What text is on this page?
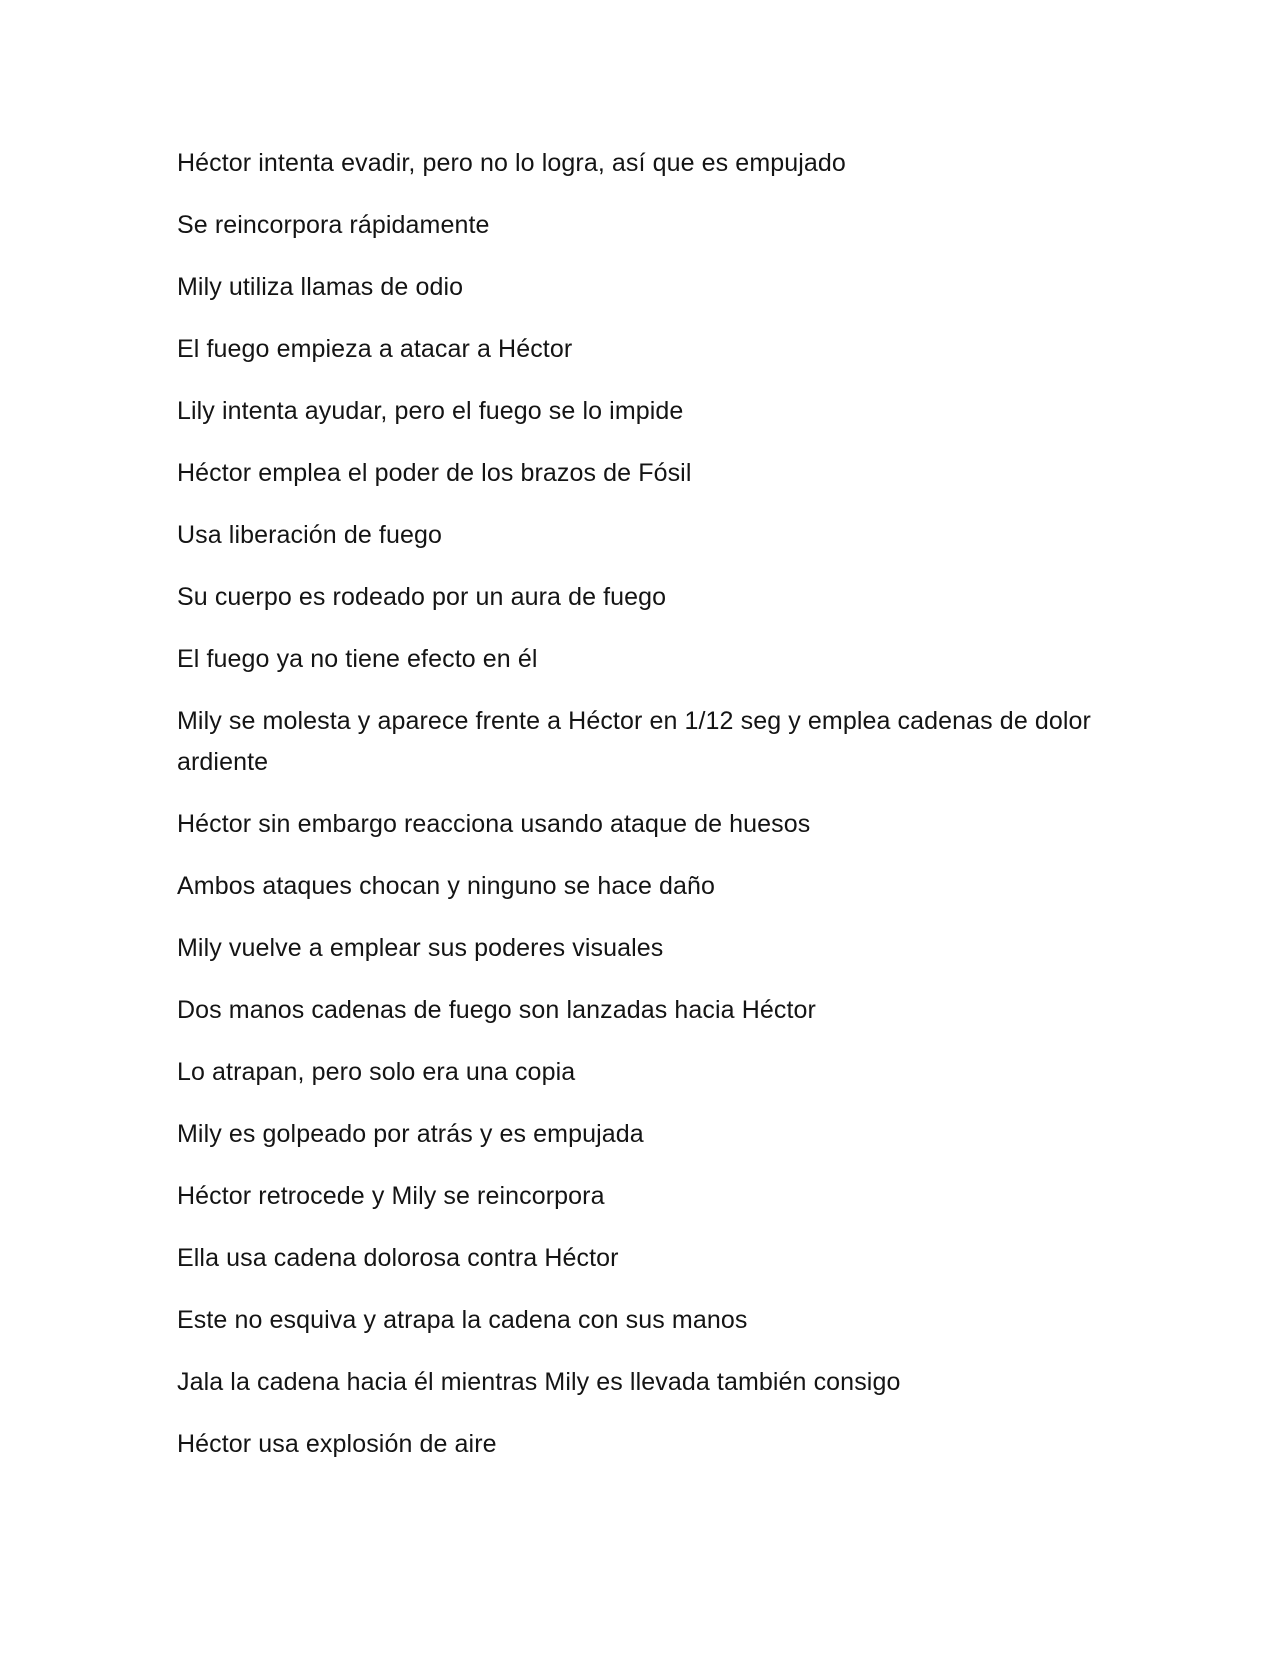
Héctor intenta evadir, pero no lo logra, así que es empujado

Se reincorpora rápidamente

Mily utiliza llamas de odio

El fuego empieza a atacar a Héctor

Lily intenta ayudar, pero el fuego se lo impide

Héctor emplea el poder de los brazos de Fósil

Usa liberación de fuego

Su cuerpo es rodeado por un aura de fuego

El fuego ya no tiene efecto en él

Mily se molesta y aparece frente a Héctor en 1/12 seg y emplea cadenas de dolor ardiente

Héctor sin embargo reacciona usando ataque de huesos

Ambos ataques chocan y ninguno se hace daño

Mily vuelve a emplear sus poderes visuales

Dos manos cadenas de fuego son lanzadas hacia Héctor

Lo atrapan, pero solo era una copia

Mily es golpeado por atrás y es empujada

Héctor retrocede y Mily se reincorpora

Ella usa cadena dolorosa contra Héctor

Este no esquiva y atrapa la cadena con sus manos

Jala la cadena hacia él mientras Mily es llevada también consigo

Héctor usa explosión de aire
